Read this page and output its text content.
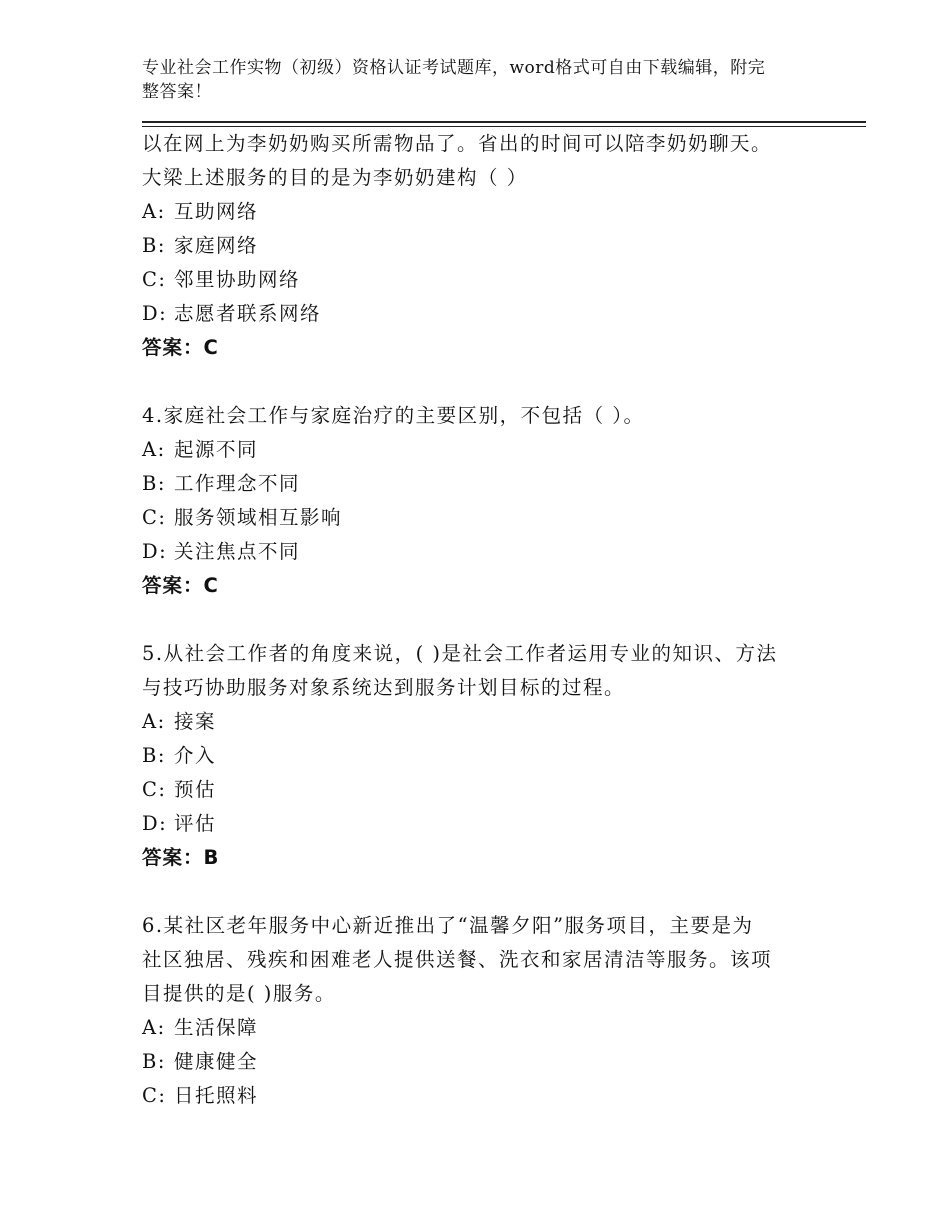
专业社会工作实物（初级）资格认证考试题库，word格式可自由下载编辑，附完
整答案！
以在网上为李奶奶购买所需物品了。省出的时间可以陪李奶奶聊天。
大梁上述服务的目的是为李奶奶建构（ ）
A: 互助网络
B: 家庭网络
C: 邻里协助网络
D: 志愿者联系网络
答案：C
4.家庭社会工作与家庭治疗的主要区别，不包括（ ）。
A: 起源不同
B: 工作理念不同
C: 服务领域相互影响
D: 关注焦点不同
答案：C
5.从社会工作者的角度来说，( )是社会工作者运用专业的知识、方法
与技巧协助服务对象系统达到服务计划目标的过程。
A: 接案
B: 介入
C: 预估
D: 评估
答案：B
6.某社区老年服务中心新近推出了“温馨夕阳”服务项目，主要是为
社区独居、残疾和困难老人提供送餐、洗衣和家居清洁等服务。该项
目提供的是( )服务。
A: 生活保障
B: 健康健全
C: 日托照料
